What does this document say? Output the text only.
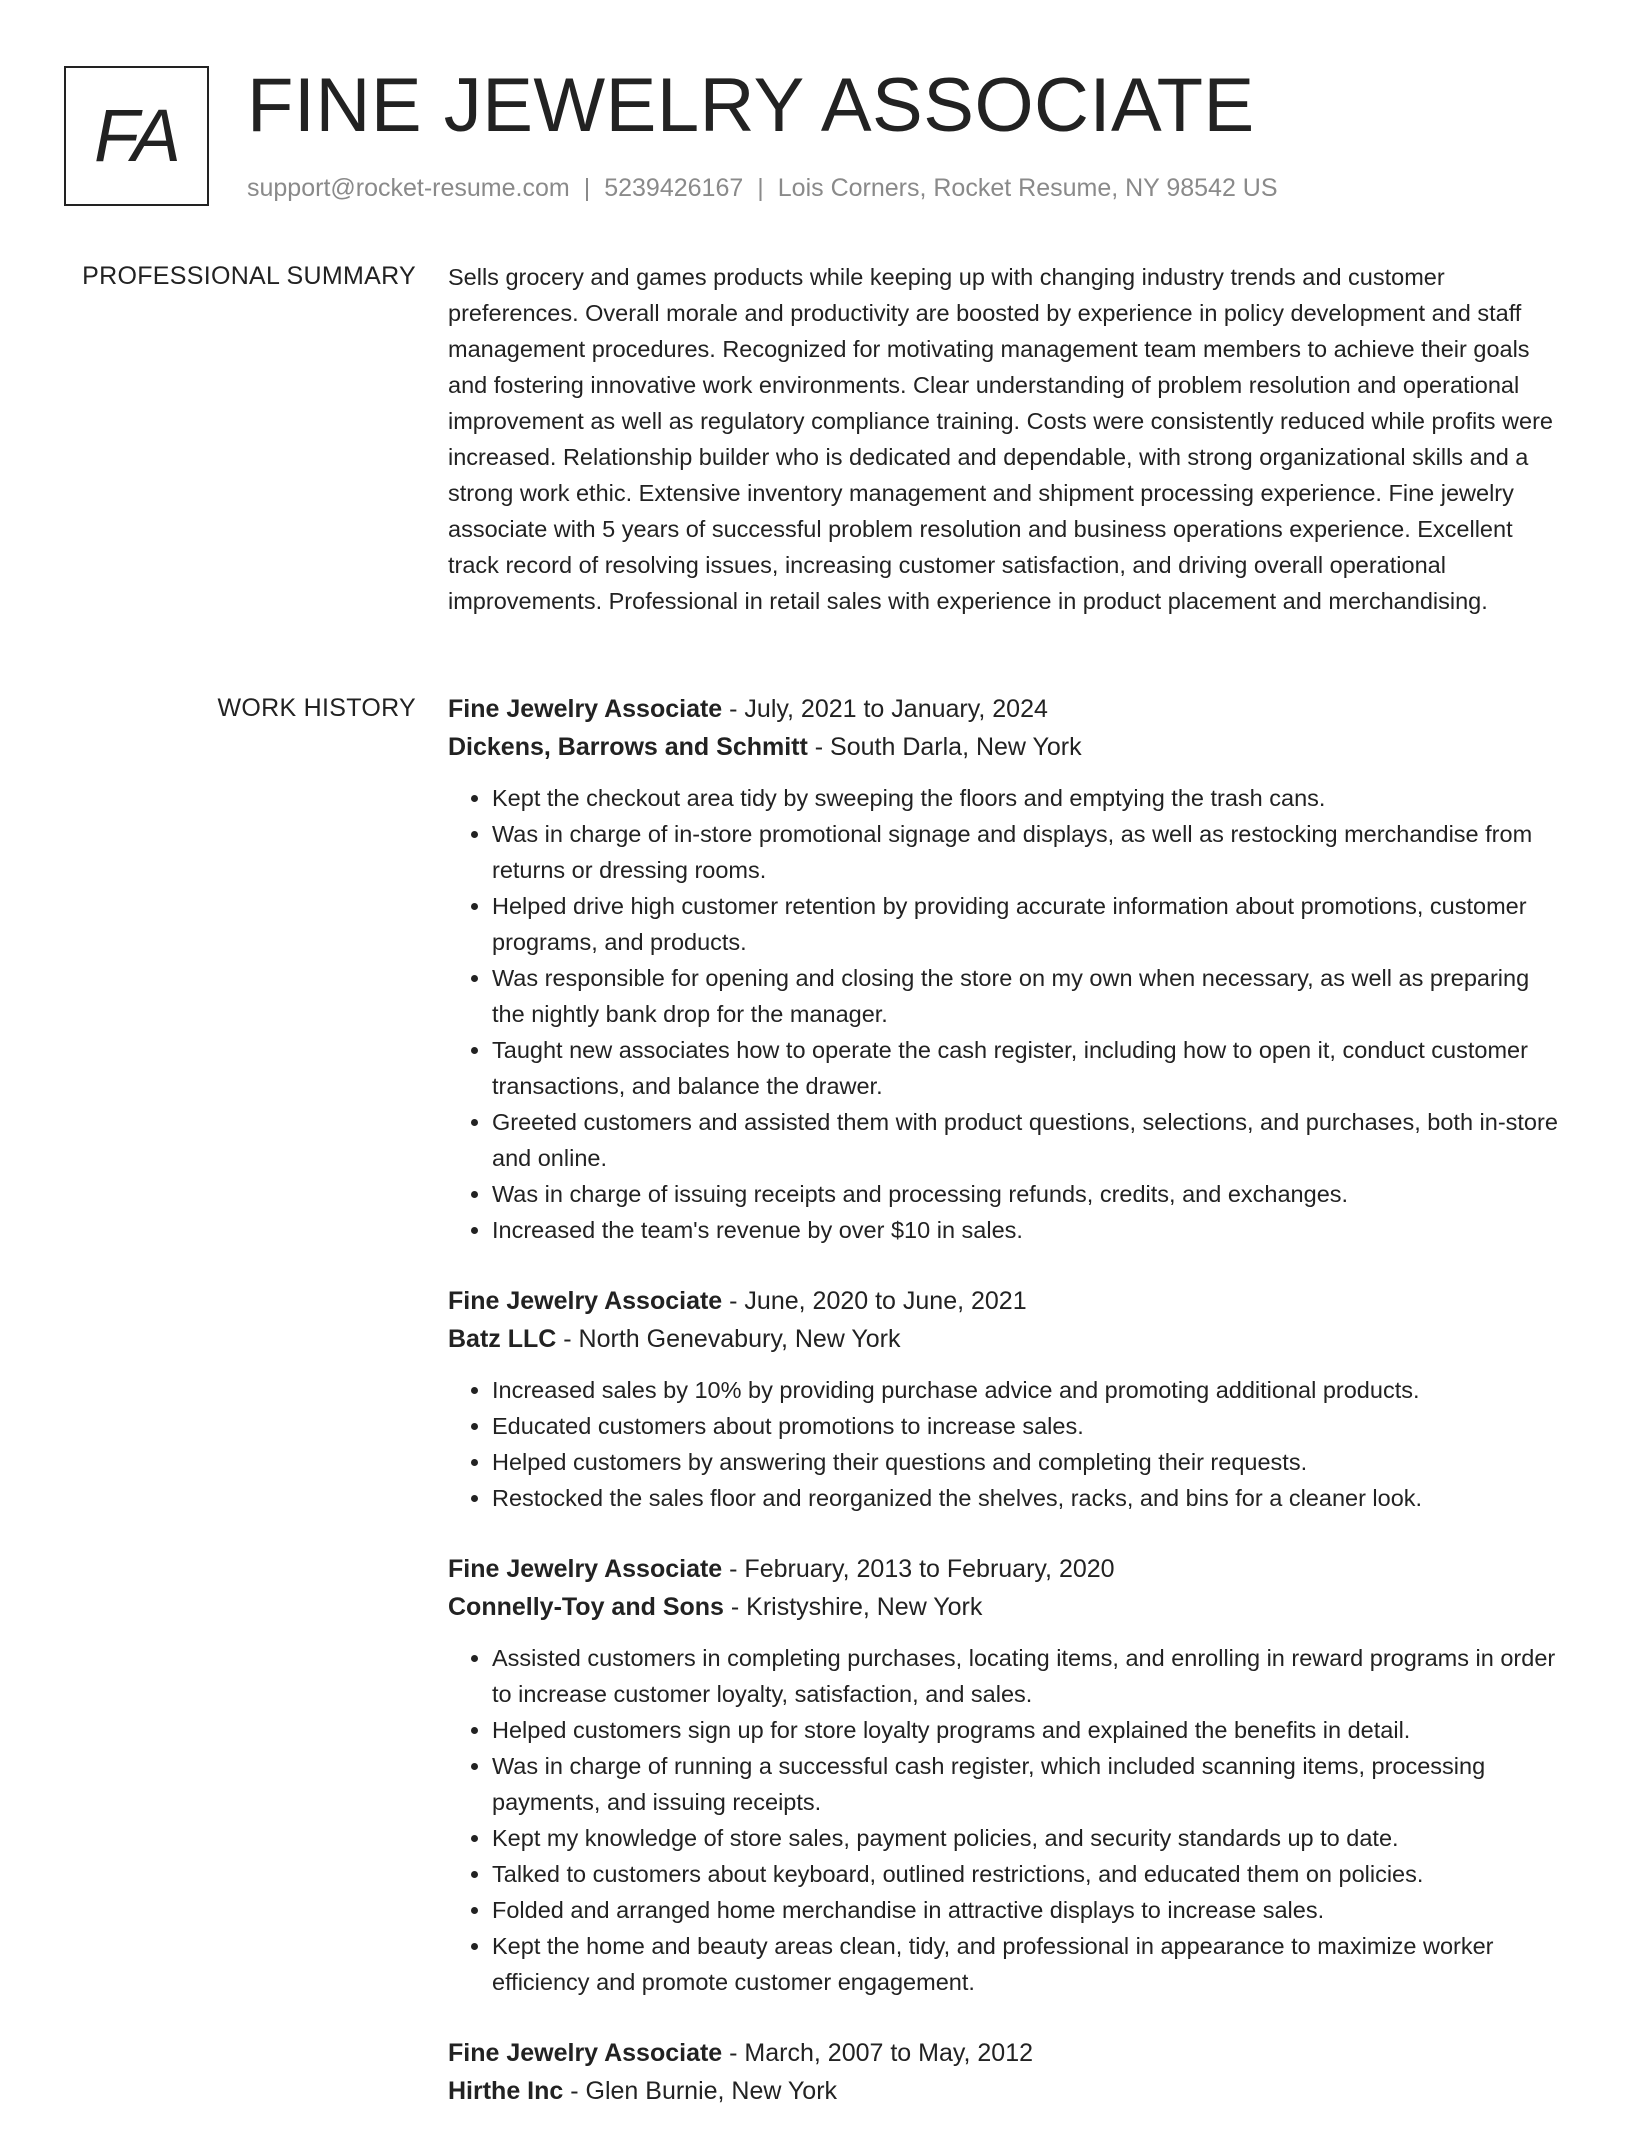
FA FINE JEWELRY ASSOCIATE
support@rocket-resume.com | 5239426167 | Lois Corners, Rocket Resume, NY 98542 US
PROFESSIONAL SUMMARY Sells grocery and games products while keeping up with changing industry trends and customer preferences. Overall morale and productivity are boosted by experience in policy development and staff management procedures. Recognized for motivating management team members to achieve their goals and fostering innovative work environments. Clear understanding of problem resolution and operational improvement as well as regulatory compliance training. Costs were consistently reduced while profits were increased. Relationship builder who is dedicated and dependable, with strong organizational skills and a strong work ethic. Extensive inventory management and shipment processing experience. Fine jewelry associate with 5 years of successful problem resolution and business operations experience. Excellent track record of resolving issues, increasing customer satisfaction, and driving overall operational improvements. Professional in retail sales with experience in product placement and merchandising.

WORK HISTORY Fine Jewelry Associate - July, 2021 to January, 2024
Dickens, Barrows and Schmitt - South Darla, New York
• Kept the checkout area tidy by sweeping the floors and emptying the trash cans.
• Was in charge of in-store promotional signage and displays, as well as restocking merchandise from returns or dressing rooms.
• Helped drive high customer retention by providing accurate information about promotions, customer programs, and products.
• Was responsible for opening and closing the store on my own when necessary, as well as preparing the nightly bank drop for the manager.
• Taught new associates how to operate the cash register, including how to open it, conduct customer transactions, and balance the drawer.
• Greeted customers and assisted them with product questions, selections, and purchases, both in-store and online.
• Was in charge of issuing receipts and processing refunds, credits, and exchanges.
• Increased the team's revenue by over $10 in sales.
Fine Jewelry Associate - June, 2020 to June, 2021
Batz LLC - North Genevabury, New York
• Increased sales by 10% by providing purchase advice and promoting additional products.
• Educated customers about promotions to increase sales.
• Helped customers by answering their questions and completing their requests.
• Restocked the sales floor and reorganized the shelves, racks, and bins for a cleaner look.
Fine Jewelry Associate - February, 2013 to February, 2020
Connelly-Toy and Sons - Kristyshire, New York
• Assisted customers in completing purchases, locating items, and enrolling in reward programs in order to increase customer loyalty, satisfaction, and sales.
• Helped customers sign up for store loyalty programs and explained the benefits in detail.
• Was in charge of running a successful cash register, which included scanning items, processing payments, and issuing receipts.
• Kept my knowledge of store sales, payment policies, and security standards up to date.
• Talked to customers about keyboard, outlined restrictions, and educated them on policies.
• Folded and arranged home merchandise in attractive displays to increase sales.
• Kept the home and beauty areas clean, tidy, and professional in appearance to maximize worker efficiency and promote customer engagement.
Fine Jewelry Associate - March, 2007 to May, 2012
Hirthe Inc - Glen Burnie, New York
